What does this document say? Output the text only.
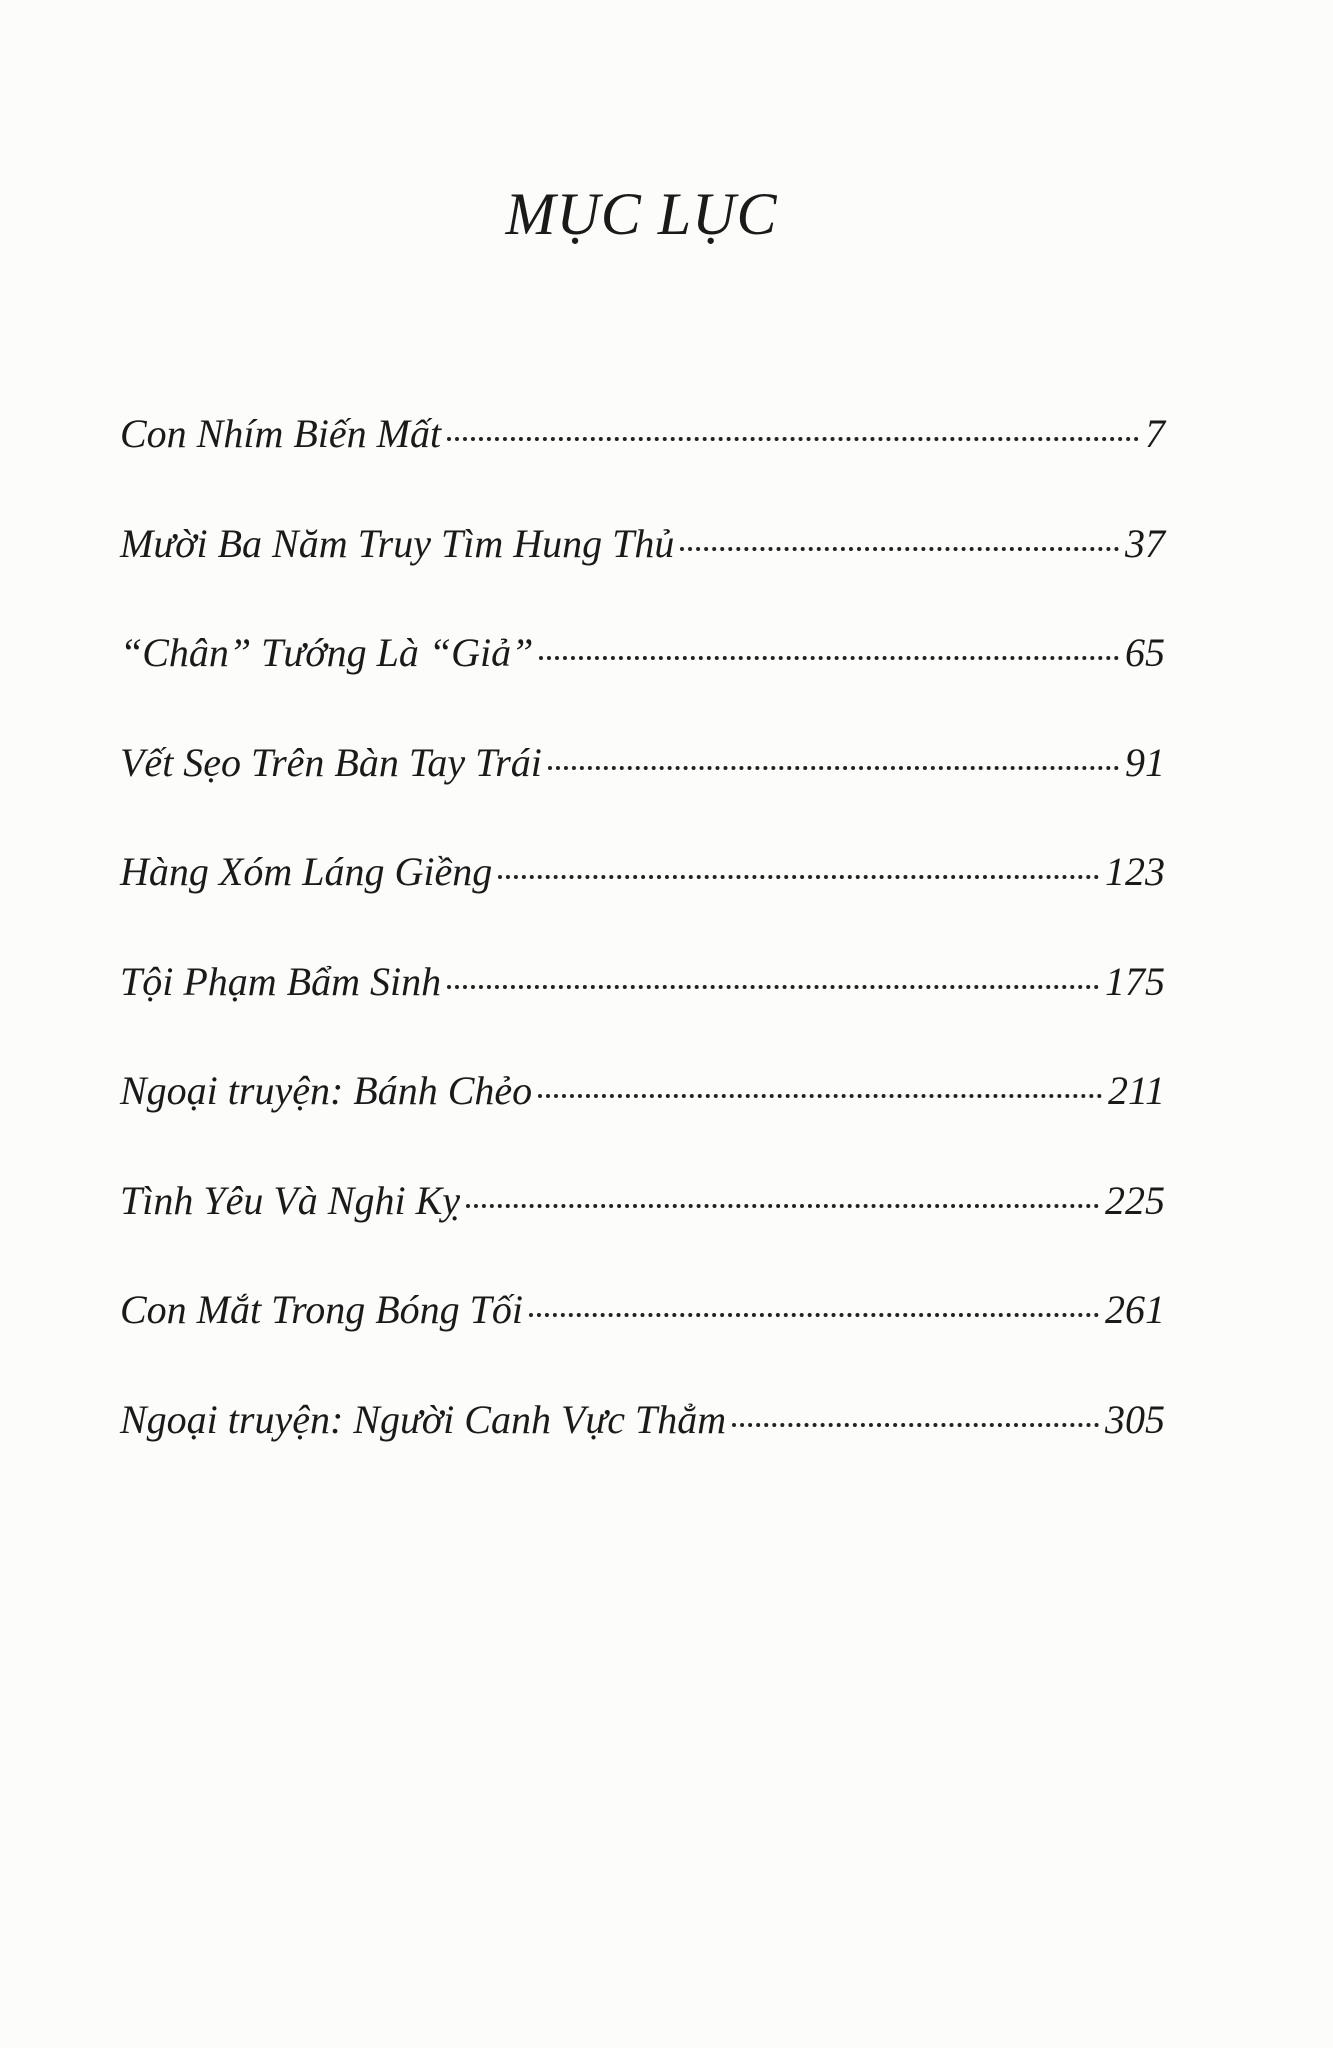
MỤC LỤC
Con Nhím Biến Mất	7
Mười Ba Năm Truy Tìm Hung Thủ	37
“Chân” Tướng Là “Giả”	65
Vết Sẹo Trên Bàn Tay Trái	91
Hàng Xóm Láng Giềng	123
Tội Phạm Bẩm Sinh	175
Ngoại truyện: Bánh Chẻo	211
Tình Yêu Và Nghi Kỵ	225
Con Mắt Trong Bóng Tối	261
Ngoại truyện: Người Canh Vực Thẳm	305
